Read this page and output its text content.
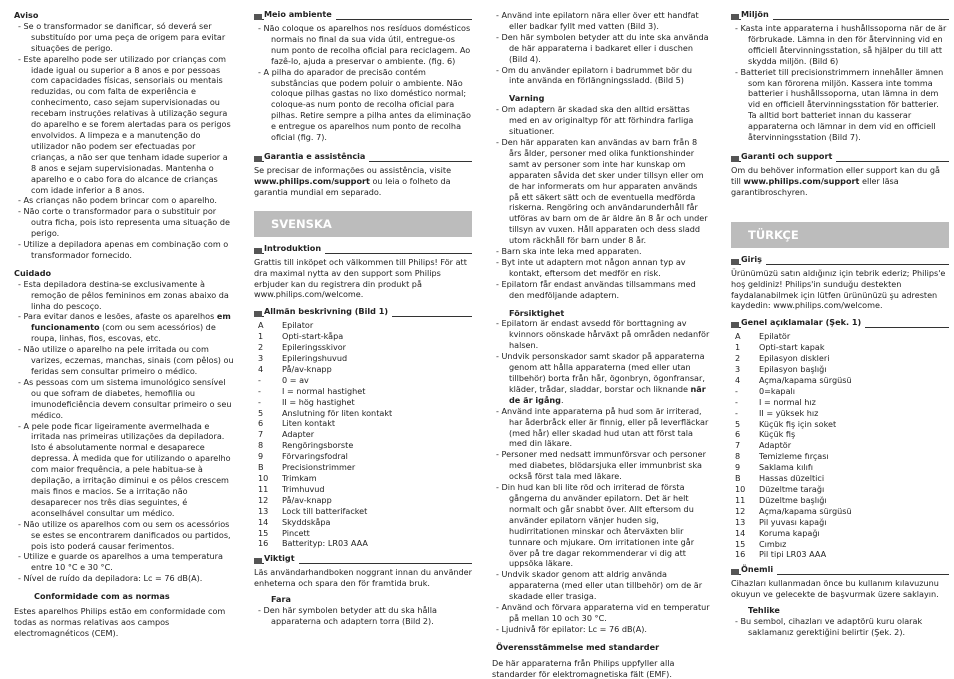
Aviso

- Se o transformador se danificar, só deverá ser substituído por uma peça de origem para evitar situações de perigo.

- Este aparelho pode ser utilizado por crianças com idade igual ou superior a 8 anos e por pessoas com capacidades físicas, sensoriais ou mentais reduzidas, ou com falta de experiência e conhecimento, caso sejam supervisionadas ou recebam instruções relativas à utilização segura do aparelho e se forem alertadas para os perigos envolvidos. A limpeza e a manutenção do utilizador não podem ser efectuadas por crianças, a não ser que tenham idade superior a 8 anos e sejam supervisionadas. Mantenha o aparelho e o cabo fora do alcance de crianças com idade inferior a 8 anos.

- As crianças não podem brincar com o aparelho.

- Não corte o transformador para o substituir por outra ficha, pois isto representa uma situação de perigo.

- Utilize a depiladora apenas em combinação com o transformador fornecido.

Cuidado

- Esta depiladora destina-se exclusivamente à remoção de pêlos femininos em zonas abaixo da linha do pescoço.

- Para evitar danos e lesões, afaste os aparelhos em funcionamento (com ou sem acessórios) de roupa, linhas, fios, escovas, etc.

- Não utilize o aparelho na pele irritada ou com varizes, eczemas, manchas, sinais (com pêlos) ou feridas sem consultar primeiro o médico.

- As pessoas com um sistema imunológico sensível ou que sofram de diabetes, hemofilia ou imunodeficiência devem consultar primeiro o seu médico.

- A pele pode ficar ligeiramente avermelhada e irritada nas primeiras utilizações da depiladora. Isto é absolutamente normal e desaparece depressa. À medida que for utilizando o aparelho com maior frequência, a pele habitua-se à depilação, a irritação diminui e os pêlos crescem mais finos e macios. Se a irritação não desaparecer nos três dias seguintes, é aconselhável consultar um médico.

- Não utilize os aparelhos com ou sem os acessórios se estes se encontrarem danificados ou partidos, pois isto poderá causar ferimentos.

- Utilize e guarde os aparelhos a uma temperatura entre 10 °C e 30 °C.

- Nível de ruído da depiladora: Lc = 76 dB(A).

Conformidade com as normas

Estes aparelhos Philips estão em conformidade com todas as normas relativas aos campos electromagnéticos (CEM).

Meio ambiente

- Não coloque os aparelhos nos resíduos domésticos normais no final da sua vida útil, entregue-os num ponto de recolha oficial para reciclagem. Ao fazê-lo, ajuda a preservar o ambiente. (fig. 6)

- A pilha do aparador de precisão contém substâncias que podem poluir o ambiente. Não coloque pilhas gastas no lixo doméstico normal; coloque-as num ponto de recolha oficial para pilhas. Retire sempre a pilha antes da eliminação e entregue os aparelhos num ponto de recolha oficial (fig. 7).

Garantia e assistência

Se precisar de informações ou assistência, visite www.philips.com/support ou leia o folheto da garantia mundial em separado.

SVENSKA
Introduktion

Grattis till inköpet och välkommen till Philips! För att dra maximal nytta av den support som Philips erbjuder kan du registrera din produkt på www.philips.com/welcome.

Allmän beskrivning (Bild 1)
A	Epilator
1	Opti-start-kåpa
2	Epileringsskivor
3	Epileringshuvud
4	På/av-knapp
-	0 = av
-	I = normal hastighet
-	II = hög hastighet
5	Anslutning för liten kontakt
6	Liten kontakt
7	Adapter
8	Rengöringsborste
9	Förvaringsfodral
B	Precisionstrimmer
10	Trimkam
11	Trimhuvud
12	På/av-knapp
13	Lock till batterifacket
14	Skyddskåpa
15	Pincett
16	Batterityp: LR03 AAA
Viktigt

Läs användarhandboken noggrant innan du använder enheterna och spara den för framtida bruk.

Fara

- Den här symbolen betyder att du ska hålla apparaterna och adaptern torra (Bild 2).

- Använd inte epilatorn nära eller över ett handfat eller badkar fyllt med vatten (Bild 3).

- Den här symbolen betyder att du inte ska använda de här apparaterna i badkaret eller i duschen (Bild 4).

- Om du använder epilatorn i badrummet bör du inte använda en förlängningssladd. (Bild 5)

Varning

- Om adaptern är skadad ska den alltid ersättas med en av originaltyp för att förhindra farliga situationer.

- Den här apparaten kan användas av barn från 8 års ålder, personer med olika funktionshinder samt av personer som inte har kunskap om apparaten såvida det sker under tillsyn eller om de har informerats om hur apparaten används på ett säkert sätt och de eventuella medförda riskerna. Rengöring och användarunderhåll får utföras av barn om de är äldre än 8 år och under tillsyn av vuxen. Håll apparaten och dess sladd utom räckhåll för barn under 8 år.

- Barn ska inte leka med apparaten.

- Byt inte ut adaptern mot någon annan typ av kontakt, eftersom det medför en risk.

- Epilatorn får endast användas tillsammans med den medföljande adaptern.

Försiktighet

- Epilatorn är endast avsedd för borttagning av kvinnors oönskade hårväxt på områden nedanför halsen.

- Undvik personskador samt skador på apparaterna genom att hålla apparaterna (med eller utan tillbehör) borta från hår, ögonbryn, ögonfransar, kläder, trådar, sladdar, borstar och liknande när de är igång.

- Använd inte apparaterna på hud som är irriterad, har åderbråck eller är finnig, eller på leverfläckar (med hår) eller skadad hud utan att först tala med din läkare.

- Personer med nedsatt immunförsvar och personer med diabetes, blödarsjuka eller immunbrist ska också först tala med läkare.

- Din hud kan bli lite röd och irriterad de första gångerna du använder epilatorn. Det är helt normalt och går snabbt över. Allt eftersom du använder epilatorn vänjer huden sig, hudirritationen minskar och återväxten blir tunnare och mjukare. Om irritationen inte går över på tre dagar rekommenderar vi dig att uppsöka läkare.

- Undvik skador genom att aldrig använda apparaterna (med eller utan tillbehör) om de är skadade eller trasiga.

- Använd och förvara apparaterna vid en temperatur på mellan 10 och 30 °C.

- Ljudnivå för epilator: Lc = 76 dB(A).

Överensstämmelse med standarder

De här apparaterna från Philips uppfyller alla standarder för elektromagnetiska fält (EMF).

Miljön

- Kasta inte apparaterna i hushållssoporna när de är förbrukade. Lämna in den för återvinning vid en officiell återvinningsstation, så hjälper du till att skydda miljön. (Bild 6)

- Batteriet till precisionstrimmern innehåller ämnen som kan förorena miljön. Kassera inte tomma batterier i hushållssoporna, utan lämna in dem vid en officiell återvinningsstation för batterier. Ta alltid bort batteriet innan du kasserar apparaterna och lämnar in dem vid en officiell återvinningsstation (Bild 7).

Garanti och support

Om du behöver information eller support kan du gå till www.philips.com/support eller läsa garantibroschyren.

TÜRKÇE
Giriş

Ürünümüzü satın aldığınız için tebrik ederiz; Philips'e hoş geldiniz! Philips'in sunduğu destekten faydalanabilmek için lütfen ürününüzü şu adresten kaydedin: www.philips.com/welcome.

Genel açıklamalar (Şek. 1)
A	Epilatör
1	Opti-start kapak
2	Epilasyon diskleri
3	Epilasyon başlığı
4	Açma/kapama sürgüsü
-	0=kapalı
-	I = normal hız
-	II = yüksek hız
5	Küçük fiş için soket
6	Küçük fiş
7	Adaptör
8	Temizleme fırçası
9	Saklama kılıfı
B	Hassas düzeltici
10	Düzeltme tarağı
11	Düzeltme başlığı
12	Açma/kapama sürgüsü
13	Pil yuvası kapağı
14	Koruma kapağı
15	Cımbız
16	Pil tipi LR03 AAA
Önemli

Cihazları kullanmadan önce bu kullanım kılavuzunu okuyun ve gelecekte de başvurmak üzere saklayın.

Tehlike

- Bu sembol, cihazları ve adaptörü kuru olarak saklamanız gerektiğini belirtir (Şek. 2).
